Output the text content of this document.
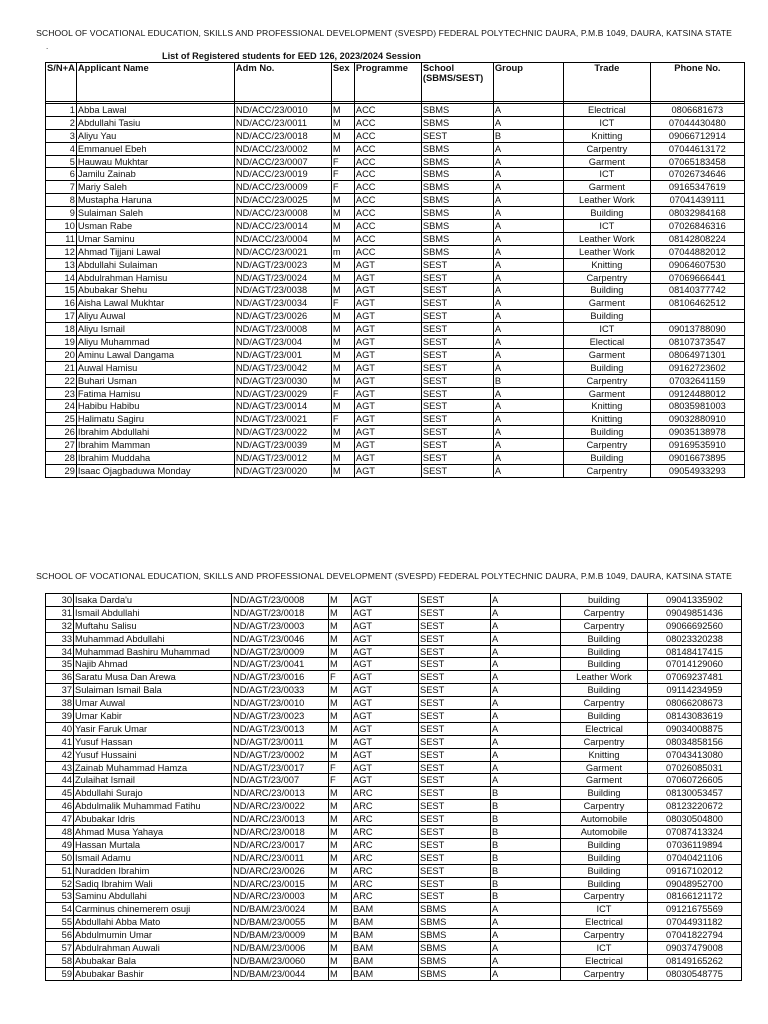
SCHOOL OF VOCATIONAL EDUCATION, SKILLS AND PROFESSIONAL DEVELOPMENT (SVESPD) FEDERAL POLYTECHNIC DAURA, P.M.B 1049, DAURA, KATSINA STATE
.
List of Registered students for EED 126, 2023/2024 Session
S/N+A	Applicant Name	Adm No.	Sex	Programme	School (SBMS/SEST)	Group	Trade	Phone No.

1	Abba Lawal	ND/ACC/23/0010	M	ACC	SBMS	A	Electrical	0806681673
2	Abdullahi Tasiu	ND/ACC/23/0011	M	ACC	SBMS	A	ICT	07044430480
3	Aliyu Yau	ND/ACC/23/0018	M	ACC	SEST	B	Knitting	09066712914
4	Emmanuel Ebeh	ND/ACC/23/0002	M	ACC	SBMS	A	Carpentry	07044613172
5	Hauwau Mukhtar	ND/ACC/23/0007	F	ACC	SBMS	A	Garment	07065183458
6	Jamilu Zainab	ND/ACC/23/0019	F	ACC	SBMS	A	ICT	07026734646
7	Mariy Saleh	ND/ACC/23/0009	F	ACC	SBMS	A	Garment	09165347619
8	Mustapha Haruna	ND/ACC/23/0025	M	ACC	SBMS	A	Leather Work	07041439111
9	Sulaiman Saleh	ND/ACC/23/0008	M	ACC	SBMS	A	Building	08032984168
10	Usman Rabe	ND/ACC/23/0014	M	ACC	SBMS	A	ICT	07026846316
11	Umar Saminu	ND/ACC/23/0004	M	ACC	SBMS	A	Leather Work	08142808224
12	Ahmad Tijjani Lawal	ND/ACC/23/0021	m	ACC	SBMS	A	Leather Work	07044882012
13	Abdullahi Sulaiman	ND/AGT/23/0023	M	AGT	SEST	A	Knitting	09064607530
14	Abdulrahman Hamisu	ND/AGT/23/0024	M	AGT	SEST	A	Carpentry	07069666441
15	Abubakar Shehu	ND/AGT/23/0038	M	AGT	SEST	A	Building	08140377742
16	Aisha Lawal Mukhtar	ND/AGT/23/0034	F	AGT	SEST	A	Garment	08106462512
17	Aliyu Auwal	ND/AGT/23/0026	M	AGT	SEST	A	Building	
18	Aliyu Ismail	ND/AGT/23/0008	M	AGT	SEST	A	ICT	09013788090
19	Aliyu Muhammad	ND/AGT/23/004	M	AGT	SEST	A	Electical	08107373547
20	Aminu Lawal Dangama	ND/AGT/23/001	M	AGT	SEST	A	Garment	08064971301
21	Auwal Hamisu	ND/AGT/23/0042	M	AGT	SEST	A	Building	09162723602
22	Buhari Usman	ND/AGT/23/0030	M	AGT	SEST	B	Carpentry	07032641159
23	Fatima Hamisu	ND/AGT/23/0029	F	AGT	SEST	A	Garment	09124488012
24	Habibu Habibu	ND/AGT/23/0014	M	AGT	SEST	A	Knitting	08035981003
25	Halimatu Sagiru	ND/AGT/23/0021	F	AGT	SEST	A	Knitting	09032880910
26	Ibrahim Abdullahi	ND/AGT/23/0022	M	AGT	SEST	A	Building	09035138978
27	Ibrahim Mamman	ND/AGT/23/0039	M	AGT	SEST	A	Carpentry	09169535910
28	Ibrahim Muddaha	ND/AGT/23/0012	M	AGT	SEST	A	Building	09016673895
29	Isaac Ojagbaduwa Monday	ND/AGT/23/0020	M	AGT	SEST	A	Carpentry	09054933293
SCHOOL OF VOCATIONAL EDUCATION, SKILLS AND PROFESSIONAL DEVELOPMENT (SVESPD) FEDERAL POLYTECHNIC DAURA, P.M.B 1049, DAURA, KATSINA STATE
30	Isaka Darda'u	ND/AGT/23/0008	M	AGT	SEST	A	building	09041335902
31	Ismail Abdullahi	ND/AGT/23/0018	M	AGT	SEST	A	Carpentry	09049851436
32	Muftahu Salisu	ND/AGT/23/0003	M	AGT	SEST	A	Carpentry	09066692560
33	Muhammad Abdullahi	ND/AGT/23/0046	M	AGT	SEST	A	Building	08023320238
34	Muhammad Bashiru Muhammad	ND/AGT/23/0009	M	AGT	SEST	A	Building	08148417415
35	Najib Ahmad	ND/AGT/23/0041	M	AGT	SEST	A	Building	07014129060
36	Saratu Musa Dan Arewa	ND/AGT/23/0016	F	AGT	SEST	A	Leather Work	07069237481
37	Sulaiman Ismail Bala	ND/AGT/23/0033	M	AGT	SEST	A	Building	09114234959
38	Umar Auwal	ND/AGT/23/0010	M	AGT	SEST	A	Carpentry	08066208673
39	Umar Kabir	ND/AGT/23/0023	M	AGT	SEST	A	Building	08143083619
40	Yasir Faruk Umar	ND/AGT/23/0013	M	AGT	SEST	A	Electrical	09034008875
41	Yusuf Hassan	ND/AGT/23/0011	M	AGT	SEST	A	Carpentry	08034858156
42	Yusuf Hussaini	ND/AGT/23/0002	M	AGT	SEST	A	Knitting	07043413080
43	Zainab Muhammad Hamza	ND/AGT/23/0017	F	AGT	SEST	A	Garment	07026085031
44	Zulaihat Ismail	ND/AGT/23/007	F	AGT	SEST	A	Garment	07060726605
45	Abdullahi Surajo	ND/ARC/23/0013	M	ARC	SEST	B	Building	08130053457
46	Abdulmalik Muhammad Fatihu	ND/ARC/23/0022	M	ARC	SEST	B	Carpentry	08123220672
47	Abubakar Idris	ND/ARC/23/0013	M	ARC	SEST	B	Automobile	08030504800
48	Ahmad Musa Yahaya	ND/ARC/23/0018	M	ARC	SEST	B	Automobile	07087413324
49	Hassan Murtala	ND/ARC/23/0017	M	ARC	SEST	B	Building	07036119894
50	Ismail Adamu	ND/ARC/23/0011	M	ARC	SEST	B	Building	07040421106
51	Nuradden Ibrahim	ND/ARC/23/0026	M	ARC	SEST	B	Building	09167102012
52	Sadiq Ibrahim Wali	ND/ARC/23/0015	M	ARC	SEST	B	Building	09048952700
53	Saminu Abdullahi	ND/ARC/23/0003	M	ARC	SEST	B	Carpentry	08166121172
54	Carminus chinemerem osuji	ND/BAM/23/0024	M	BAM	SBMS	A	ICT	09121675569
55	Abdullahi Abba Mato	ND/BAM/23/0055	M	BAM	SBMS	A	Electrical	07044931182
56	Abdulmumin Umar	ND/BAM/23/0009	M	BAM	SBMS	A	Carpentry	07041822794
57	Abdulrahman Auwali	ND/BAM/23/0006	M	BAM	SBMS	A	ICT	09037479008
58	Abubakar Bala	ND/BAM/23/0060	M	BAM	SBMS	A	Electrical	08149165262
59	Abubakar Bashir	ND/BAM/23/0044	M	BAM	SBMS	A	Carpentry	08030548775
